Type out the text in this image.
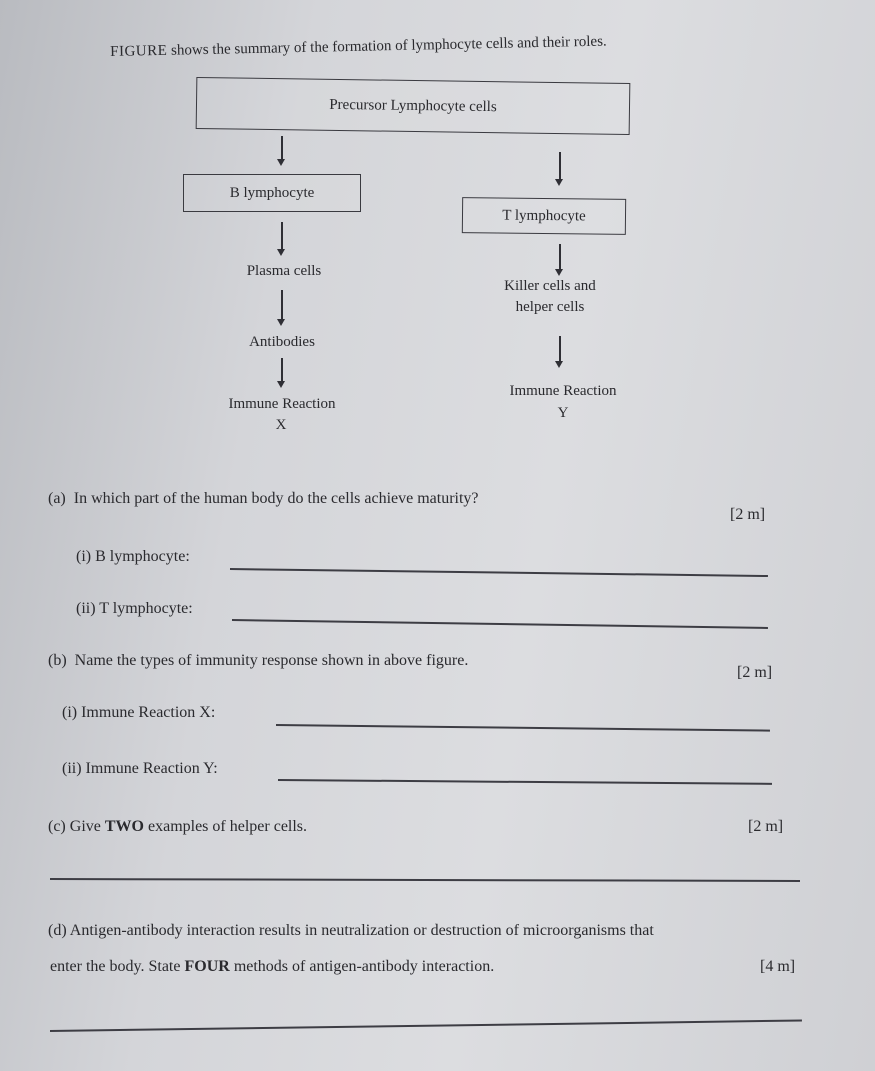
FIGURE shows the summary of the formation of lymphocyte cells and their roles.
Precursor Lymphocyte cells
B lymphocyte
T lymphocyte
Plasma cells
Killer cells and
helper cells
Antibodies
Immune Reaction
Y
Immune Reaction
X
(a) In which part of the human body do the cells achieve maturity?
[2 m]
(i) B lymphocyte:
(ii) T lymphocyte:
(b) Name the types of immunity response shown in above figure.
[2 m]
(i) Immune Reaction X:
(ii) Immune Reaction Y:
(c) Give TWO examples of helper cells.	[2 m]
(d) Antigen-antibody interaction results in neutralization or destruction of microorganisms that
enter the body. State FOUR methods of antigen-antibody interaction.	[4 m]
